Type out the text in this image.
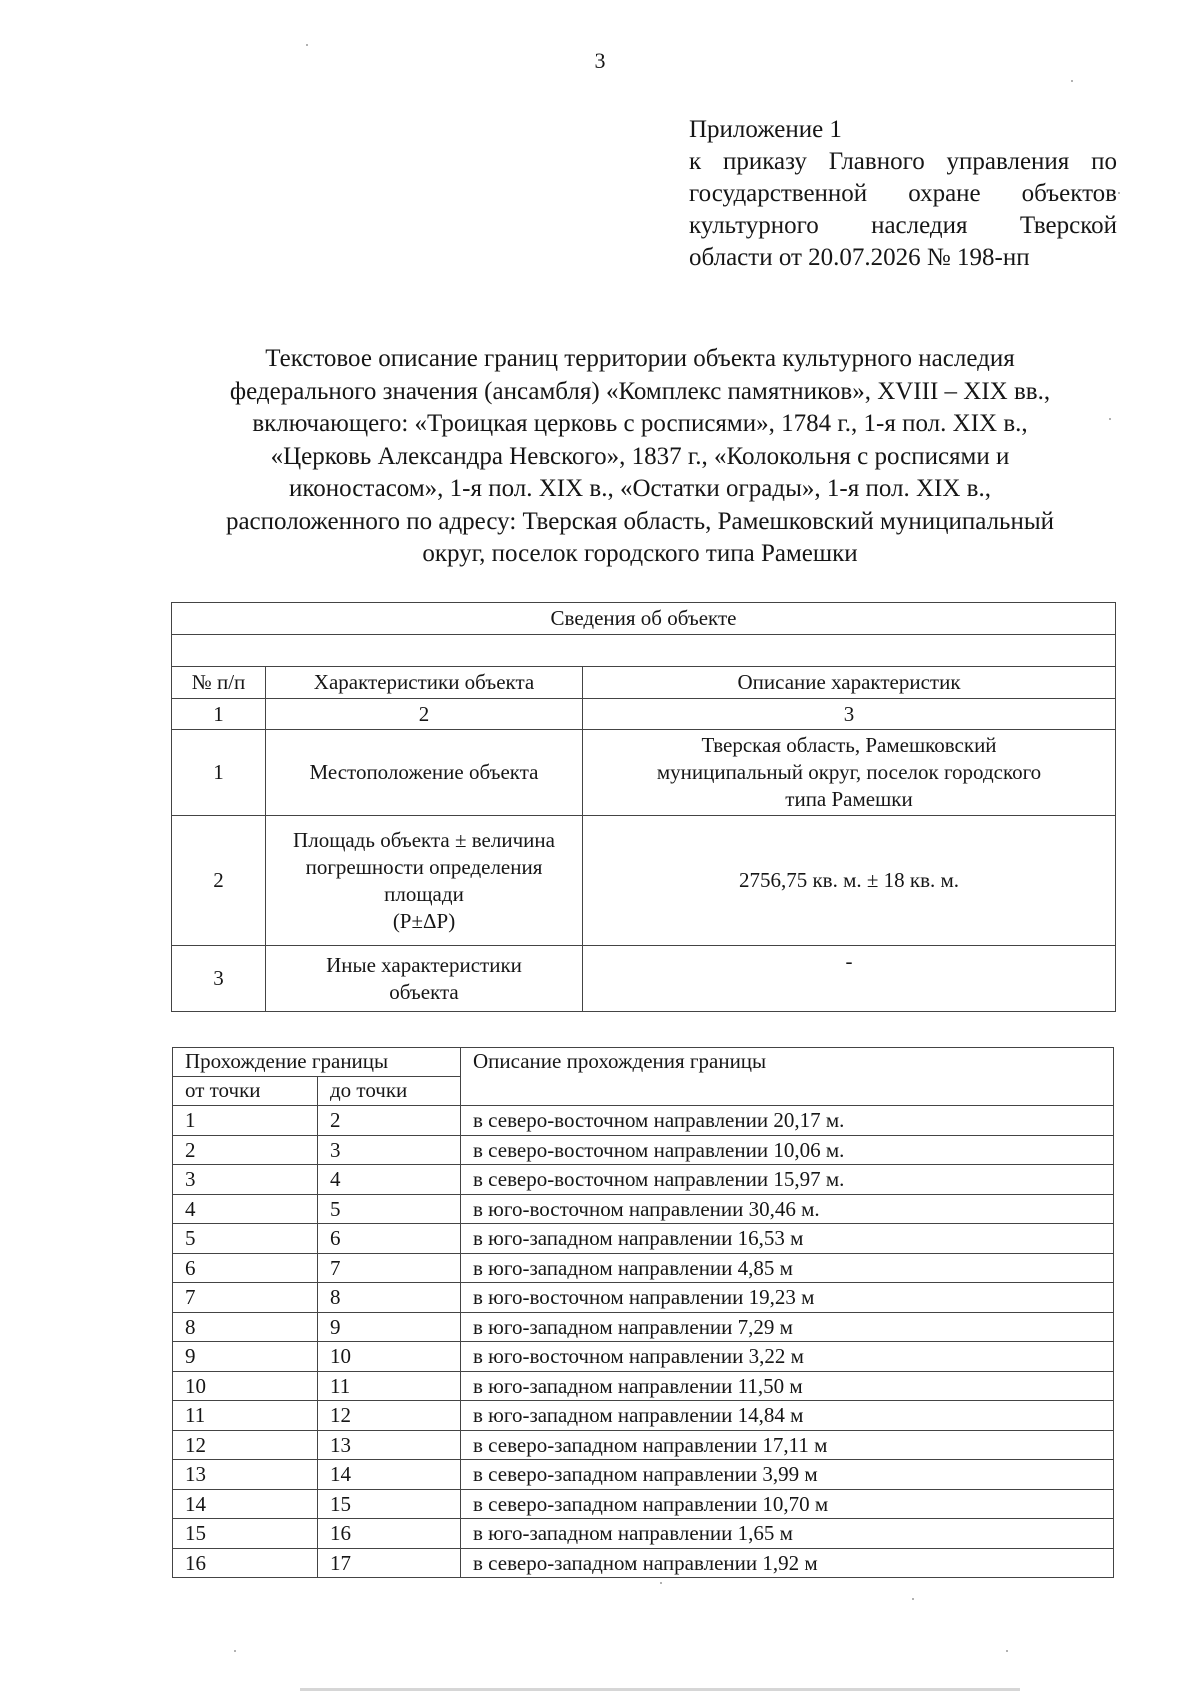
3
Приложение 1
к приказу Главного управления по
государственной охране объектов
культурного наследия Тверской
области от 20.07.2026 № 198-нп
Текстовое описание границ территории объекта культурного наследия
федерального значения (ансамбля) «Комплекс памятников», XVIII – XIX вв.,
включающего: «Троицкая церковь с росписями», 1784 г., 1-я пол. XIX в.,
«Церковь Александра Невского», 1837 г., «Колокольня с росписями и
иконостасом», 1-я пол. XIX в., «Остатки ограды», 1-я пол. XIX в.,
расположенного по адресу: Тверская область, Рамешковский муниципальный
округ, поселок городского типа Рамешки
Сведения об объекте		

№ п/п	Характеристики объекта	Описание характеристик
1	2	3
1	Местоположение объекта	Тверская область, Рамешковский
муниципальный округ, поселок городского
типа Рамешки

2	Площадь объекта ± величина
погрешности определения
площади
(P±ΔP)	2756,75 кв. м. ± 18 кв. м.

3	Иные характеристики
объекта	-
Прохождение границы		Описание прохождения границы
от точки	до точки	
1	2	в северо-восточном направлении 20,17 м.
2	3	в северо-восточном направлении 10,06 м.
3	4	в северо-восточном направлении 15,97 м.
4	5	в юго-восточном направлении 30,46 м.
5	6	в юго-западном направлении 16,53 м
6	7	в юго-западном направлении 4,85 м
7	8	в юго-восточном направлении 19,23 м
8	9	в юго-западном направлении 7,29 м
9	10	в юго-восточном направлении 3,22 м
10	11	в юго-западном направлении 11,50 м
11	12	в юго-западном направлении 14,84 м
12	13	в северо-западном направлении 17,11 м
13	14	в северо-западном направлении 3,99 м
14	15	в северо-западном направлении 10,70 м
15	16	в юго-западном направлении 1,65 м
16	17	в северо-западном направлении 1,92 м
